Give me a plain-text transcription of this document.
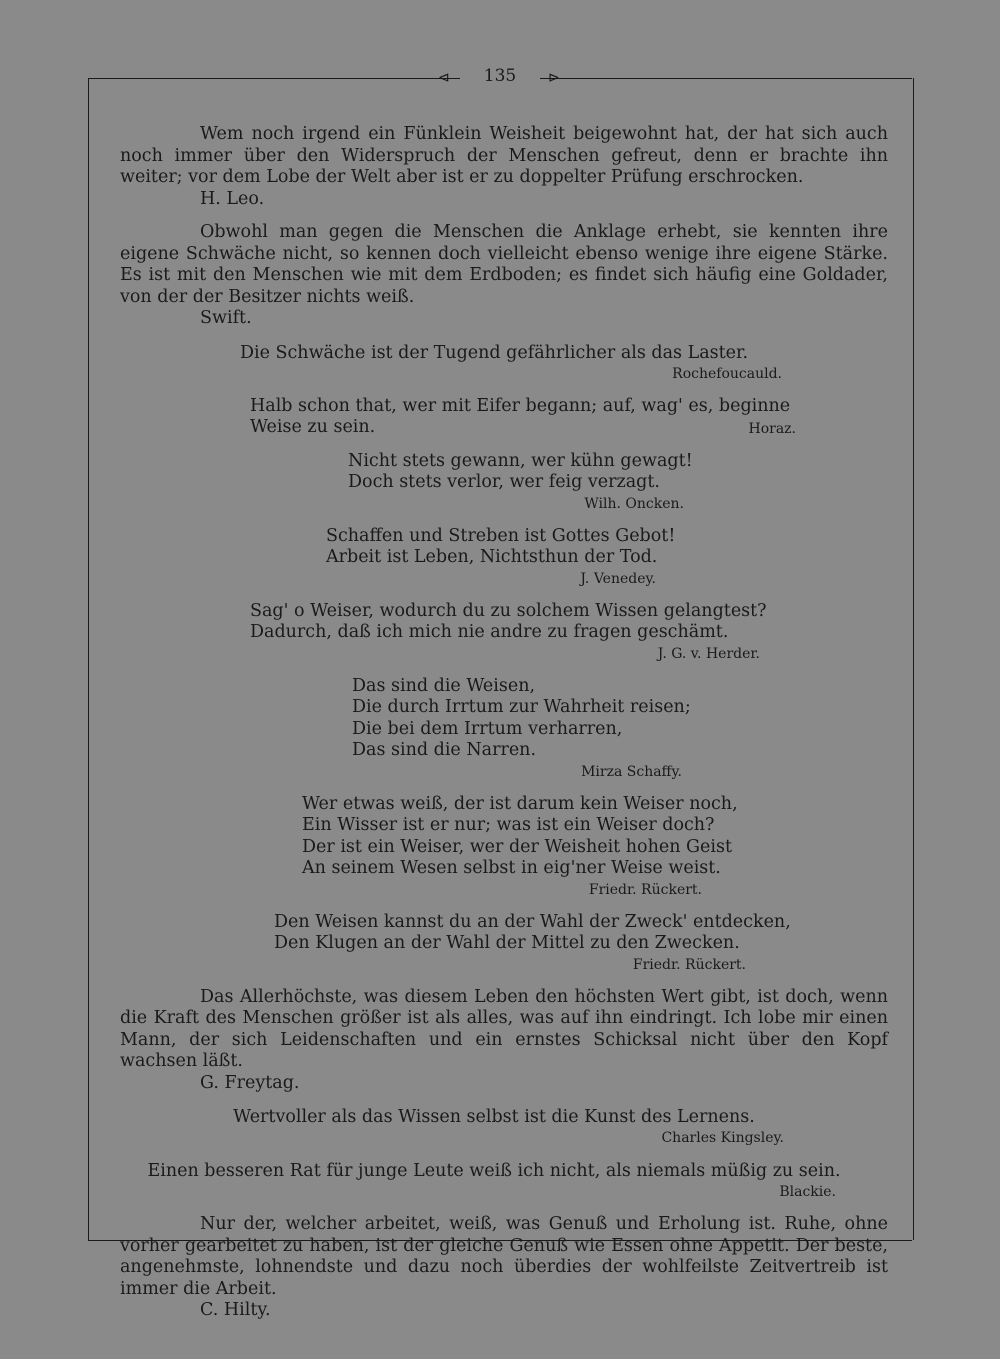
⊲	135	⊳

Wem noch irgend ein Fünklein Weisheit beigewohnt hat, der hat sich auch noch immer über den Widerspruch der Menschen gefreut, denn er brachte ihn weiter; vor dem Lobe der Welt aber ist er zu doppelter Prüfung erschrocken.

H. Leo.

Obwohl man gegen die Menschen die Anklage erhebt, sie kennten ihre eigene Schwäche nicht, so kennen doch vielleicht ebenso wenige ihre eigene Stärke. Es ist mit den Menschen wie mit dem Erdboden; es findet sich häufig eine Goldader, von der der Besitzer nichts weiß.

Swift.

Die Schwäche ist der Tugend gefährlicher als das Laster.

Rochefoucauld.

Halb schon that, wer mit Eifer begann; auf, wag' es, beginne
Weise zu sein.	Horaz.

Nicht stets gewann, wer kühn gewagt!
Doch stets verlor, wer feig verzagt.

Wilh. Oncken.

Schaffen und Streben ist Gottes Gebot!
Arbeit ist Leben, Nichtsthun der Tod.

J. Venedey.

Sag' o Weiser, wodurch du zu solchem Wissen gelangtest?
Dadurch, daß ich mich nie andre zu fragen geschämt.

J. G. v. Herder.

Das sind die Weisen,
Die durch Irrtum zur Wahrheit reisen;
Die bei dem Irrtum verharren,
Das sind die Narren.

Mirza Schaffy.

Wer etwas weiß, der ist darum kein Weiser noch,
Ein Wisser ist er nur; was ist ein Weiser doch?
Der ist ein Weiser, wer der Weisheit hohen Geist
An seinem Wesen selbst in eig'ner Weise weist.

Friedr. Rückert.

Den Weisen kannst du an der Wahl der Zweck' entdecken,
Den Klugen an der Wahl der Mittel zu den Zwecken.

Friedr. Rückert.

Das Allerhöchste, was diesem Leben den höchsten Wert gibt, ist doch, wenn die Kraft des Menschen größer ist als alles, was auf ihn eindringt. Ich lobe mir einen Mann, der sich Leidenschaften und ein ernstes Schicksal nicht über den Kopf wachsen läßt.

G. Freytag.

Wertvoller als das Wissen selbst ist die Kunst des Lernens.

Charles Kingsley.

Einen besseren Rat für junge Leute weiß ich nicht, als niemals müßig zu sein.

Blackie.

Nur der, welcher arbeitet, weiß, was Genuß und Erholung ist. Ruhe, ohne vorher gearbeitet zu haben, ist der gleiche Genuß wie Essen ohne Appetit. Der beste, angenehmste, lohnendste und dazu noch überdies der wohlfeilste Zeitvertreib ist immer die Arbeit.

C. Hilty.
